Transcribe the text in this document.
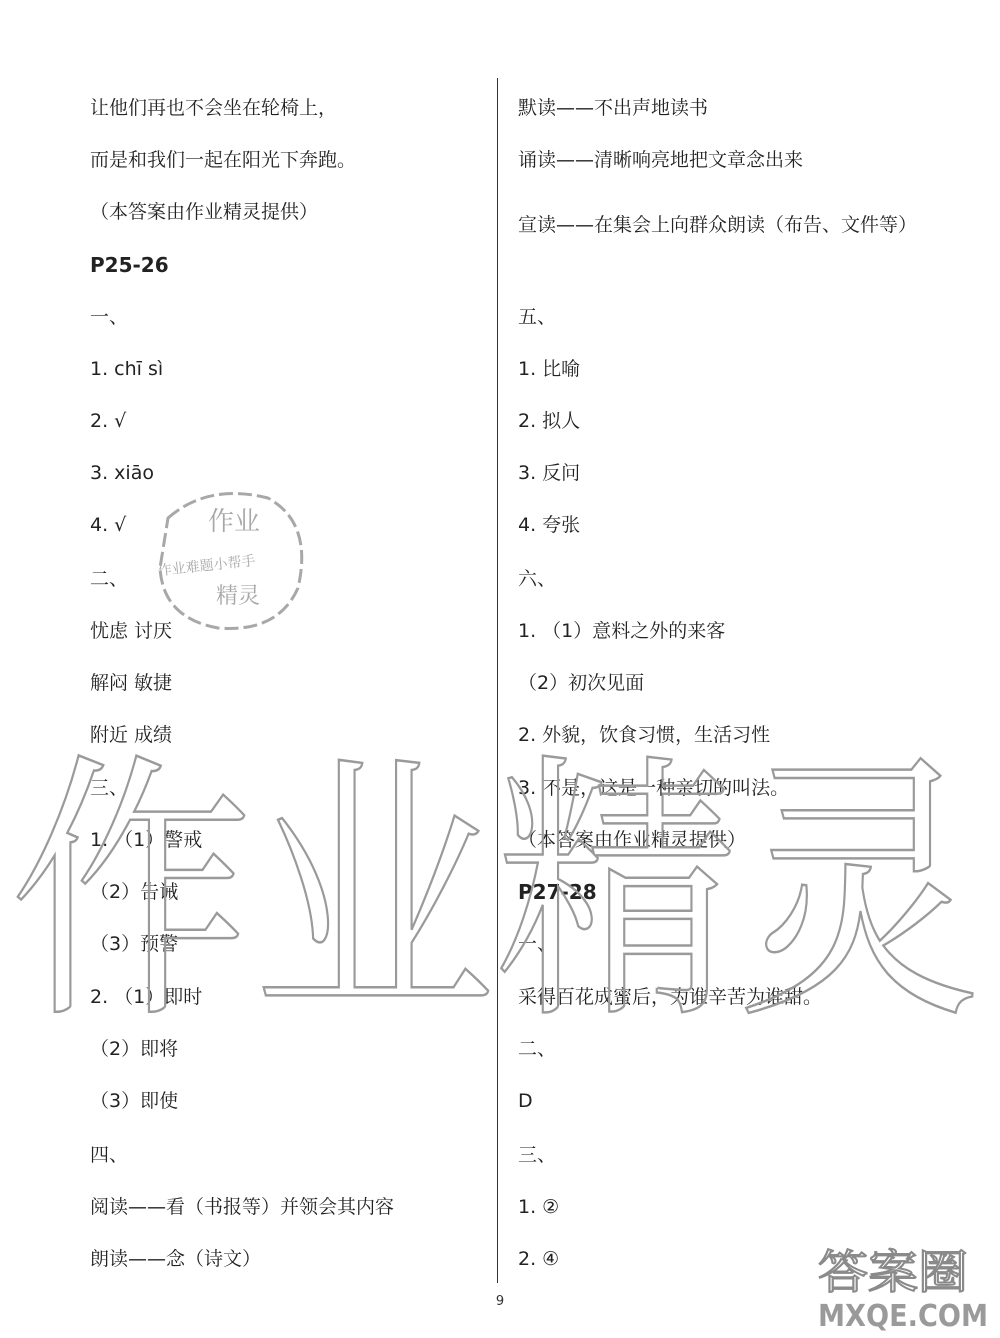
让他们再也不会坐在轮椅上，
而是和我们一起在阳光下奔跑。
（本答案由作业精灵提供）
P25-26
一、
1. chī sì
2. √
3. xiāo
4. √
二、
忧虑 讨厌
解闷 敏捷
附近 成绩
三、
1. （1）警戒
（2）告诫
（3）预警
2. （1）即时
（2）即将
（3）即使
四、
阅读——看（书报等）并领会其内容
朗读——念（诗文）
默读——不出声地读书
诵读——清晰响亮地把文章念出来
宣读——在集会上向群众朗读（布告、文件等）
五、
1. 比喻
2. 拟人
3. 反问
4. 夸张
六、
1. （1）意料之外的来客
（2）初次见面
2. 外貌，饮食习惯，生活习性
3. 不是，这是一种亲切的叫法。
（本答案由作业精灵提供）
P27-28
一、
采得百花成蜜后，为谁辛苦为谁甜。
二、
D
三、
1. ②
2. ④
作业
作业难题小帮手
精灵
作业精灵
9
答案圈
MXQE.COM
